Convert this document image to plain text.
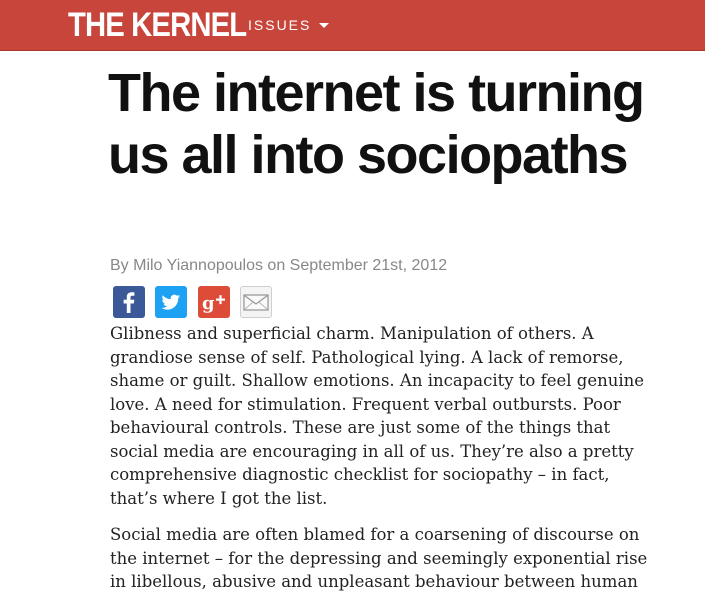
THE KERNEL ISSUES
The internet is turning us all into sociopaths
By Milo Yiannopoulos on September 21st, 2012
g

Glibness and superficial charm. Manipulation of others. A grandiose sense of self. Pathological lying. A lack of remorse, shame or guilt. Shallow emotions. An incapacity to feel genuine love. A need for stimulation. Frequent verbal outbursts. Poor behavioural controls. These are just some of the things that social media are encouraging in all of us. They’re also a pretty comprehensive diagnostic checklist for sociopathy – in fact, that’s where I got the list.

Social media are often blamed for a coarsening of discourse on the internet – for the depressing and seemingly exponential rise in libellous, abusive and unpleasant behaviour between human
